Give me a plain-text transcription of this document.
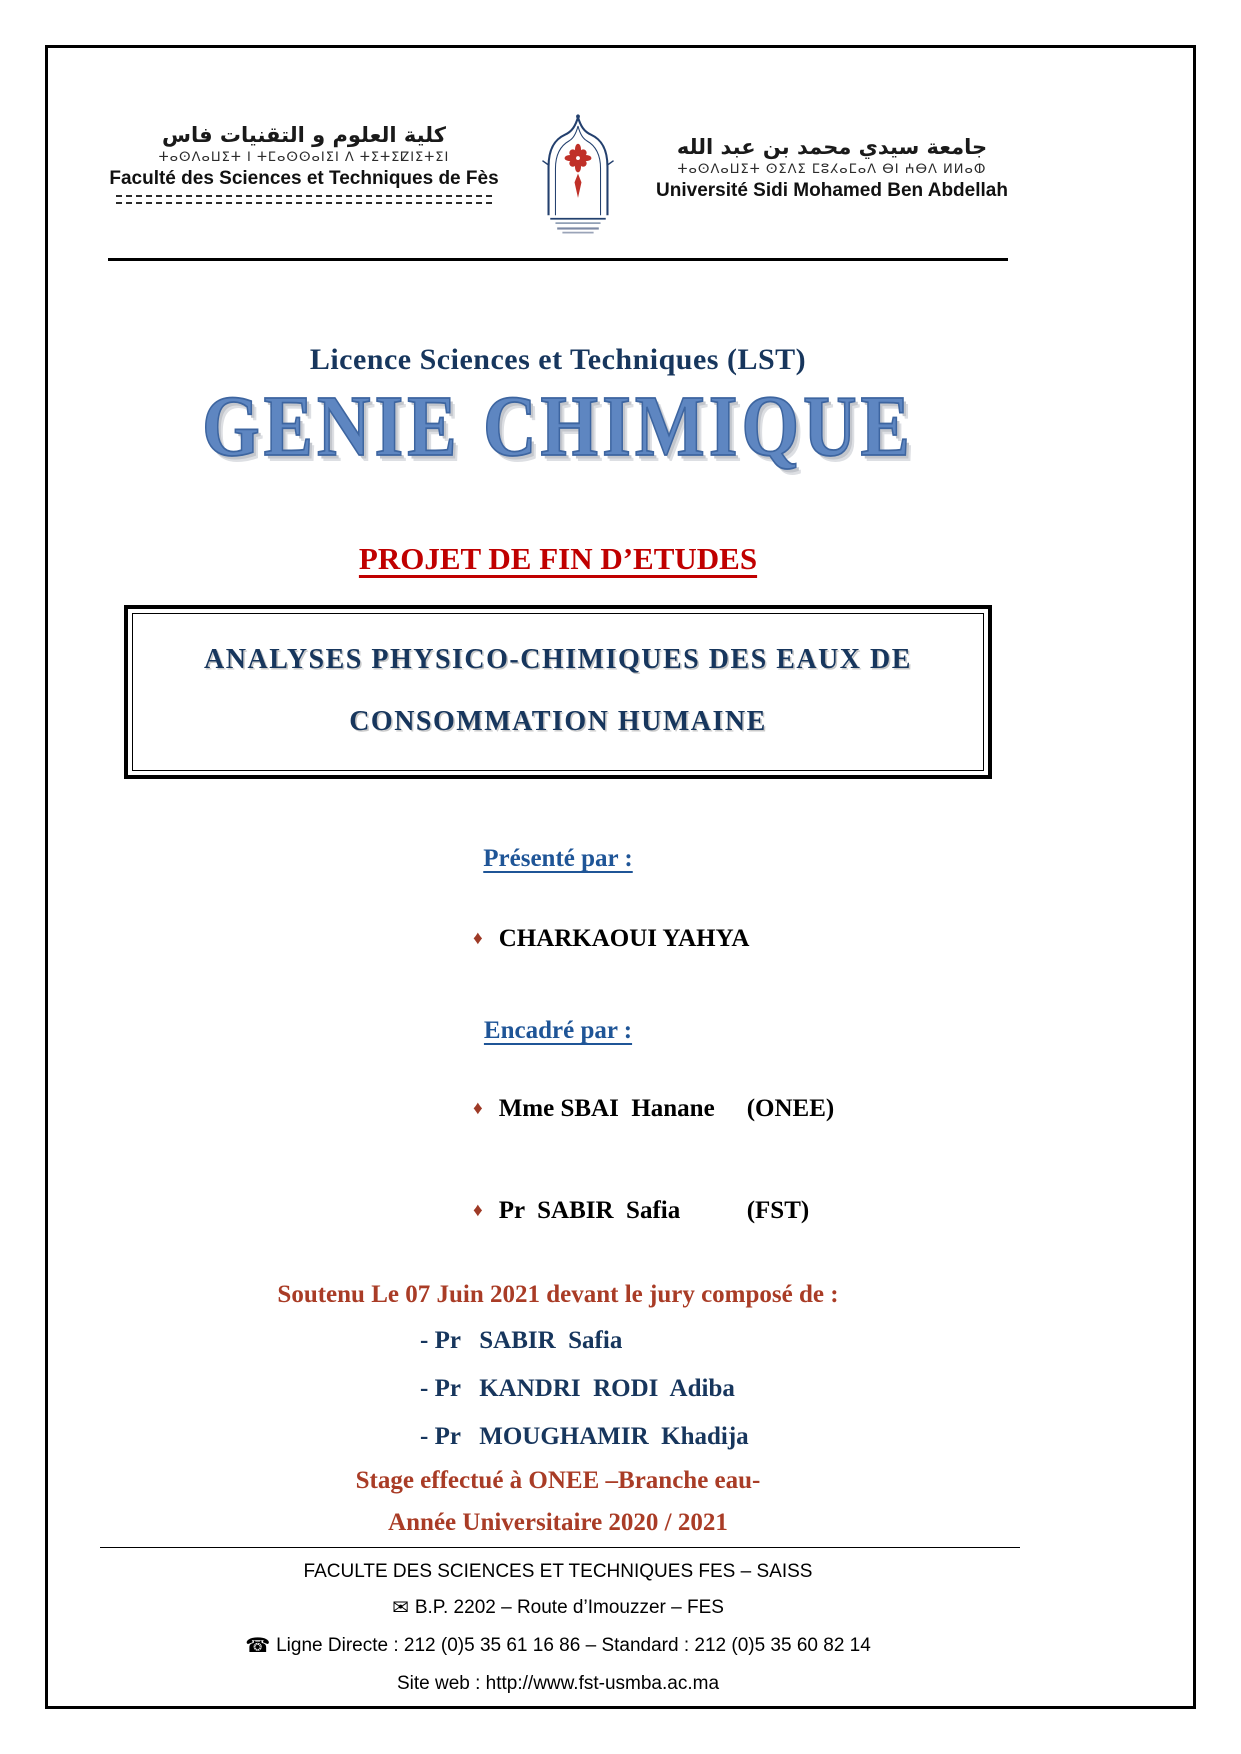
كلية العلوم و التقنيات فاس
ⵜⴰⵙⴷⴰⵡⵉⵜ ⵏ ⵜⵎⴰⵙⵙⴰⵏⵉⵏ ⴷ ⵜⵉⵜⵉⵇⵏⵉⵜⵉⵏ
Faculté des Sciences et Techniques de Fès
جامعة سيدي محمد بن عبد الله
ⵜⴰⵙⴷⴰⵡⵉⵜ ⵙⵉⴷⵉ ⵎⵓⵃⴰⵎⴰⴷ ⴱⵏ ⵄⴱⴷ ⵍⵍⴰⵀ
Université Sidi Mohamed Ben Abdellah
Licence Sciences et Techniques (LST)
GENIE CHIMIQUE
PROJET DE FIN D’ETUDES
ANALYSES PHYSICO-CHIMIQUES DES EAUX DE
CONSOMMATION HUMAINE
Présenté par :

♦ CHARKAOUI YAHYA

Encadré par :

♦ Mme SBAI  Hanane (ONEE)

♦ Pr  SABIR  Safia	(FST)

Soutenu Le 07 Juin 2021 devant le jury composé de :
- Pr   SABIR  Safia
- Pr   KANDRI  RODI  Adiba
- Pr   MOUGHAMIR  Khadija
Stage effectué à ONEE –Branche eau-
Année Universitaire 2020 / 2021
FACULTE DES SCIENCES ET TECHNIQUES FES – SAISS
✉ B.P. 2202 – Route d’Imouzzer – FES
☎ Ligne Directe : 212 (0)5 35 61 16 86 – Standard : 212 (0)5 35 60 82 14
Site web : http://www.fst-usmba.ac.ma
